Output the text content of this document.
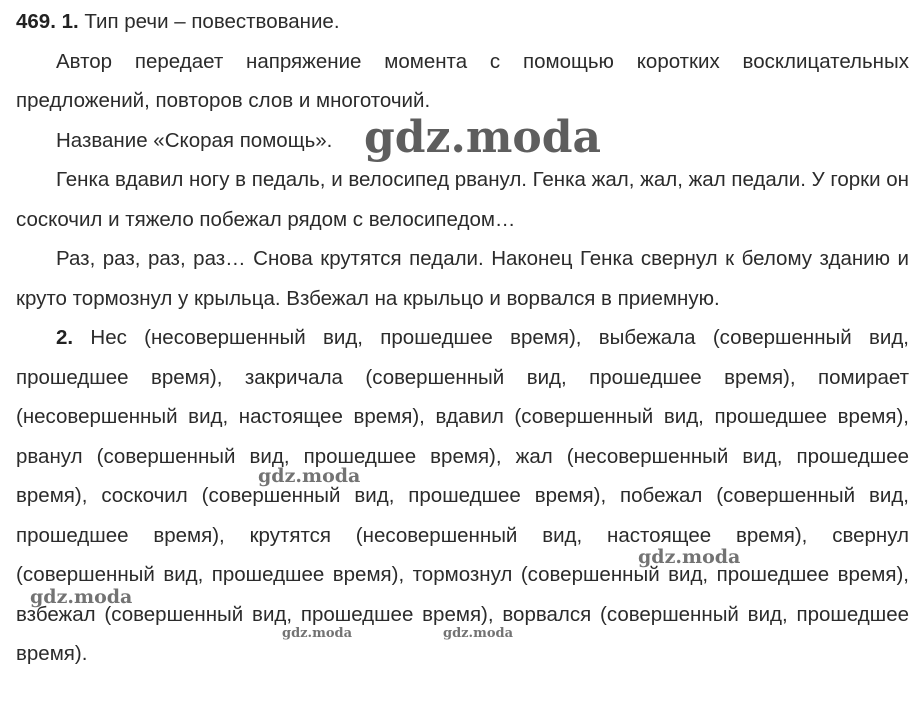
469. 1. Тип речи – повествование.

Автор передает напряжение момента с помощью коротких восклицательных предложений, повторов слов и многоточий.

Название «Скорая помощь».

Генка вдавил ногу в педаль, и велосипед рванул. Генка жал, жал, жал педали. У горки он соскочил и тяжело побежал рядом с велосипедом…

Раз, раз, раз, раз… Снова крутятся педали. Наконец Генка свернул к белому зданию и круто тормознул у крыльца. Взбежал на крыльцо и ворвался в приемную.

2. Нес (несовершенный вид, прошедшее время), выбежала (совершенный вид, прошедшее время), закричала (совершенный вид, прошедшее время), помирает (несовершенный вид, настоящее время), вдавил (совершенный вид, прошедшее время), рванул (совершенный вид, прошедшее время), жал (несовершенный вид, прошедшее время), соскочил (совершенный вид, прошедшее время), побежал (совершенный вид, прошедшее время), крутятся (несовершенный вид, настоящее время), свернул (совершенный вид, прошедшее время), тормознул (совершенный вид, прошедшее время), взбежал (совершенный вид, прошедшее время), ворвался (совершенный вид, прошедшее время).

gdz.moda
gdz.moda
gdz.moda
gdz.moda
gdz.moda	gdz.moda
